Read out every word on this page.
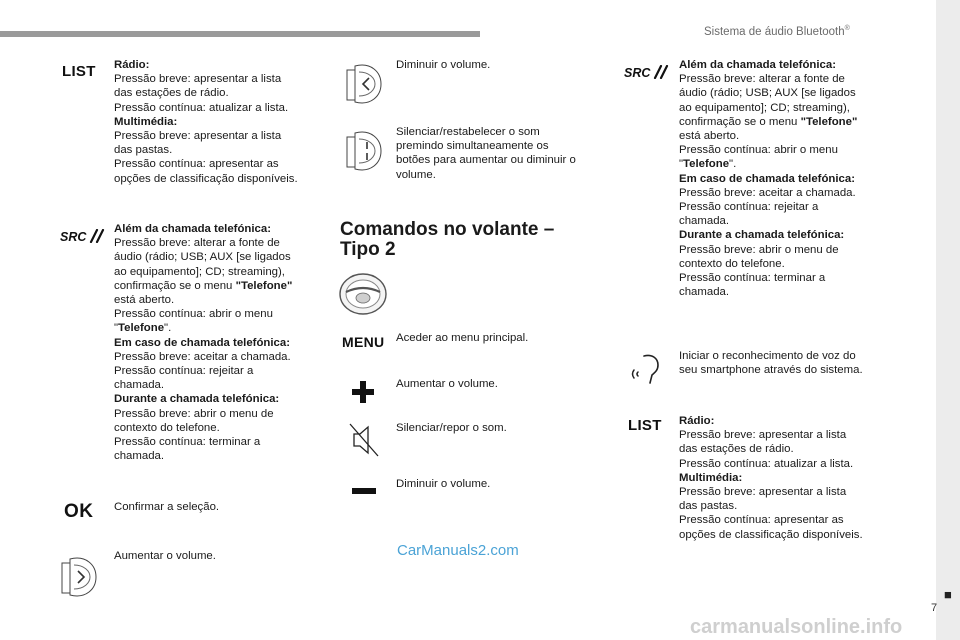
Sistema de áudio Bluetooth®
■
7
LIST Rádio:
Pressão breve: apresentar a lista
das estações de rádio.
Pressão contínua: atualizar a lista.
Multimédia:
Pressão breve: apresentar a lista
das pastas.
Pressão contínua: apresentar as
opções de classificação disponíveis.
SRC
Além da chamada telefónica:
Pressão breve: alterar a fonte de
áudio (rádio; USB; AUX [se ligados
ao equipamento]; CD; streaming),
confirmação se o menu "Telefone"
está aberto.
Pressão contínua: abrir o menu
"Telefone".
Em caso de chamada telefónica:
Pressão breve: aceitar a chamada.
Pressão contínua: rejeitar a
chamada.
Durante a chamada telefónica:
Pressão breve: abrir o menu de
contexto do telefone.
Pressão contínua: terminar a
chamada.
OK Confirmar a seleção.
Aumentar o volume.
Diminuir o volume.
Silenciar/restabelecer o som
premindo simultaneamente os
botões para aumentar ou diminuir o
volume.
Comandos no volante –
Tipo 2
MENU Aceder ao menu principal.
Aumentar o volume.
Silenciar/repor o som.
Diminuir o volume.
CarManuals2.com
SRC
Além da chamada telefónica:
Pressão breve: alterar a fonte de
áudio (rádio; USB; AUX [se ligados
ao equipamento]; CD; streaming),
confirmação se o menu "Telefone"
está aberto.
Pressão contínua: abrir o menu
"Telefone".
Em caso de chamada telefónica:
Pressão breve: aceitar a chamada.
Pressão contínua: rejeitar a
chamada.
Durante a chamada telefónica:
Pressão breve: abrir o menu de
contexto do telefone.
Pressão contínua: terminar a
chamada.
Iniciar o reconhecimento de voz do
seu smartphone através do sistema.
LIST Rádio:
Pressão breve: apresentar a lista
das estações de rádio.
Pressão contínua: atualizar a lista.
Multimédia:
Pressão breve: apresentar a lista
das pastas.
Pressão contínua: apresentar as
opções de classificação disponíveis.
carmanualsonline.info
